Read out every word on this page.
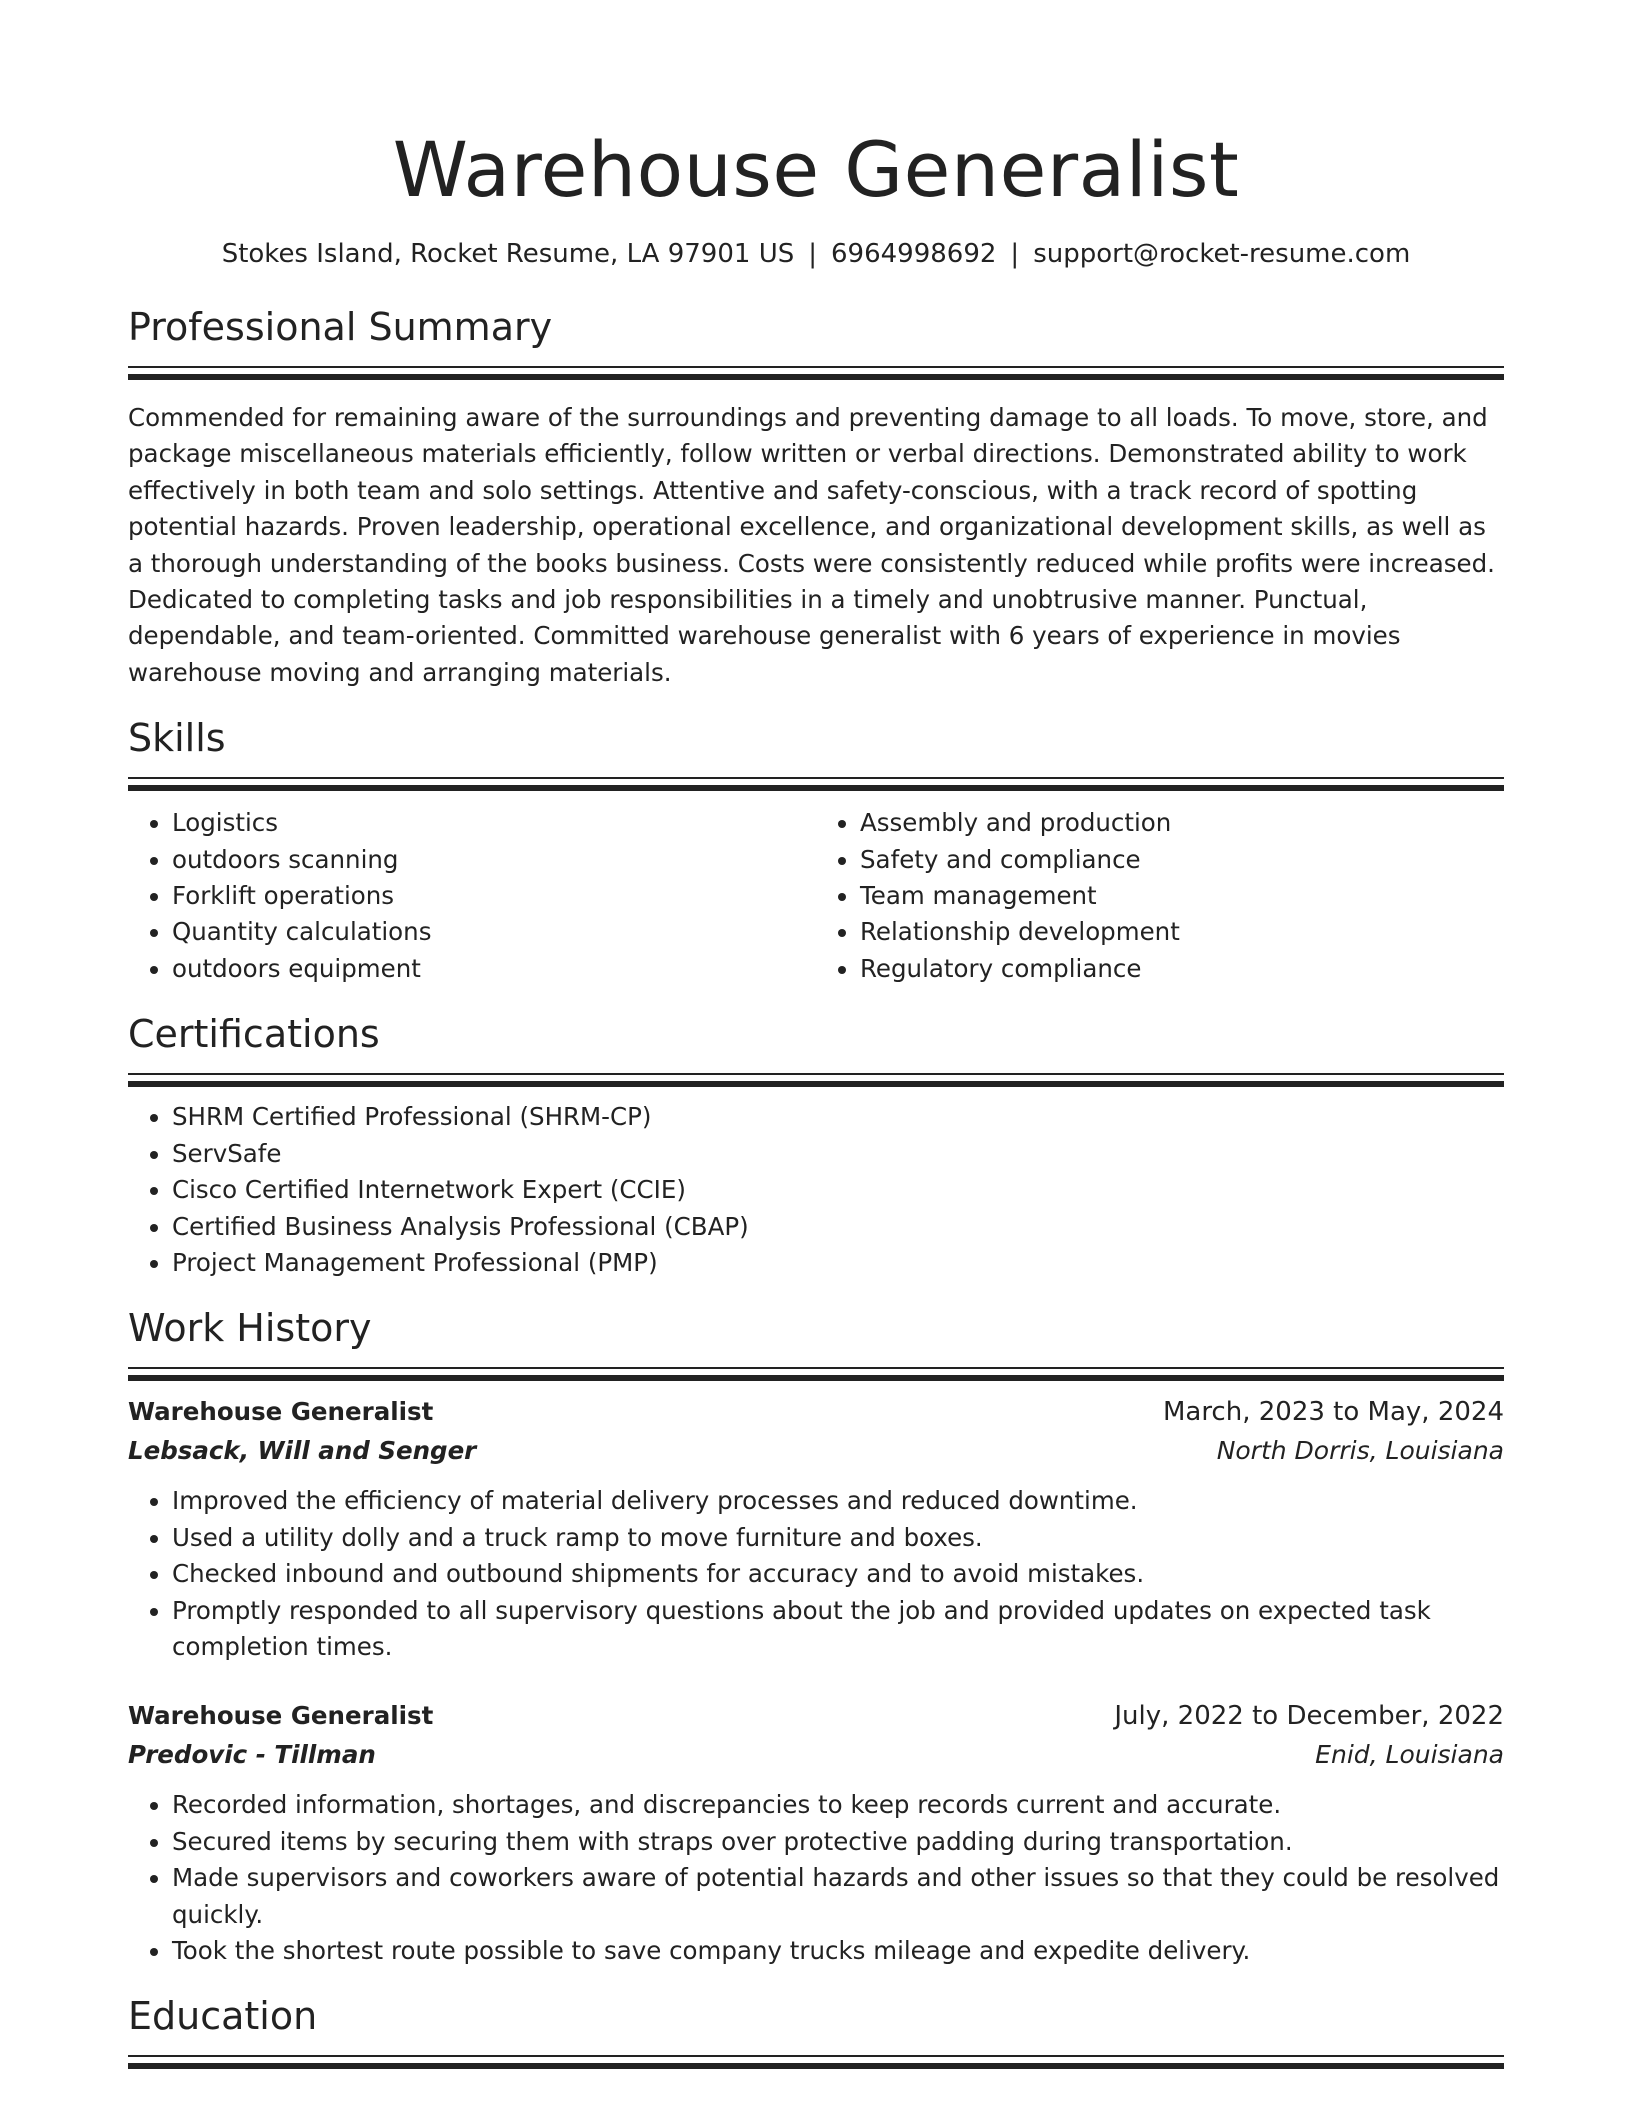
Warehouse Generalist
Stokes Island, Rocket Resume, LA 97901 US | 6964998692 | support@rocket-resume.com
Professional Summary
Commended for remaining aware of the surroundings and preventing damage to all loads. To move, store, and package miscellaneous materials efficiently, follow written or verbal directions. Demonstrated ability to work effectively in both team and solo settings. Attentive and safety-conscious, with a track record of spotting potential hazards. Proven leadership, operational excellence, and organizational development skills, as well as a thorough understanding of the books business. Costs were consistently reduced while profits were increased. Dedicated to completing tasks and job responsibilities in a timely and unobtrusive manner. Punctual, dependable, and team-oriented. Committed warehouse generalist with 6 years of experience in movies warehouse moving and arranging materials.
Skills
• Logistics
• outdoors scanning
• Forklift operations
• Quantity calculations
• outdoors equipment
• Assembly and production
• Safety and compliance
• Team management
• Relationship development
• Regulatory compliance
Certifications
• SHRM Certified Professional (SHRM-CP)
• ServSafe
• Cisco Certified Internetwork Expert (CCIE)
• Certified Business Analysis Professional (CBAP)
• Project Management Professional (PMP)
Work History
Warehouse Generalist	March, 2023 to May, 2024
Lebsack, Will and Senger	North Dorris, Louisiana
• Improved the efficiency of material delivery processes and reduced downtime.
• Used a utility dolly and a truck ramp to move furniture and boxes.
• Checked inbound and outbound shipments for accuracy and to avoid mistakes.
• Promptly responded to all supervisory questions about the job and provided updates on expected task completion times.
Warehouse Generalist	July, 2022 to December, 2022
Predovic - Tillman	Enid, Louisiana
• Recorded information, shortages, and discrepancies to keep records current and accurate.
• Secured items by securing them with straps over protective padding during transportation.
• Made supervisors and coworkers aware of potential hazards and other issues so that they could be resolved quickly.
• Took the shortest route possible to save company trucks mileage and expedite delivery.
Education
